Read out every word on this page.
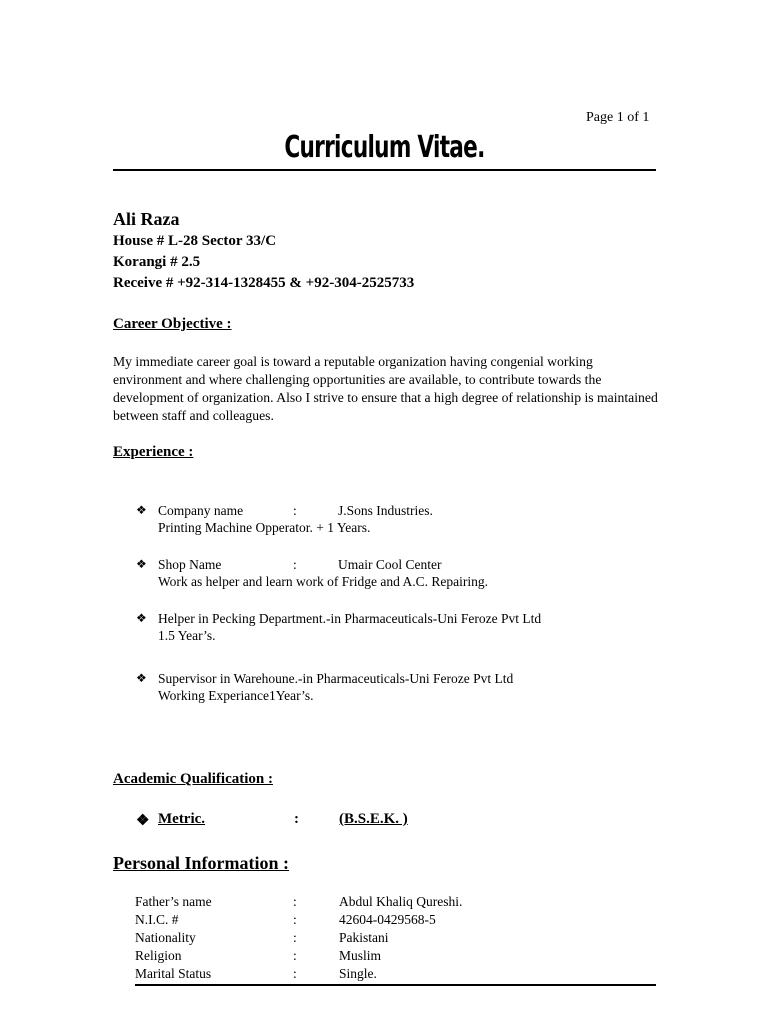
Page 1 of 1
Curriculum Vitae.
Ali Raza
House # L-28 Sector 33/C
Korangi # 2.5
Receive # +92-314-1328455 & +92-304-2525733
Career Objective :

My immediate career goal is toward a reputable organization having congenial working environment and where challenging opportunities are available, to contribute towards the development of organization. Also I strive to ensure that a high degree of relationship is maintained between staff and colleagues.

Experience :
❖ Company name	:	J.Sons Industries.
Printing Machine Opperator. + 1 Years.
❖ Shop Name	:	Umair Cool Center
Work as helper and learn work of Fridge and A.C. Repairing.
❖ Helper in Pecking Department.-in Pharmaceuticals-Uni Feroze Pvt Ltd
1.5 Year’s.
❖ Supervisor in Warehoune.-in Pharmaceuticals-Uni Feroze Pvt Ltd
Working Experiance1Year’s.
Academic Qualification :
❖ Metric.	:	(B.S.E.K. )
Personal Information :
Father’s name	:	Abdul Khaliq Qureshi.
N.I.C. #	:	42604-0429568-5
Nationality	:	Pakistani
Religion	:	Muslim
Marital Status	:	Single.
